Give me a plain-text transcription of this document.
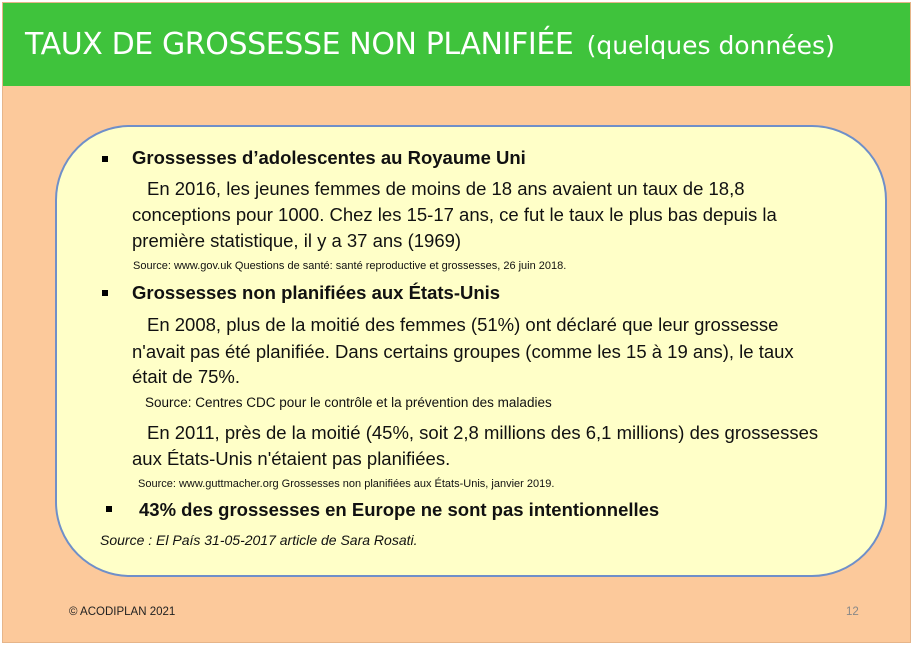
TAUX DE GROSSESSE NON PLANIFIÉE (quelques données)
Grossesses d’adolescentes au Royaume Uni
En 2016, les jeunes femmes de moins de 18 ans avaient un taux de 18,8
conceptions pour 1000. Chez les 15-17 ans, ce fut le taux le plus bas depuis la
première statistique, il y a 37 ans (1969)
Source: www.gov.uk Questions de santé: santé reproductive et grossesses, 26 juin 2018.
Grossesses non planifiées aux États-Unis
En 2008, plus de la moitié des femmes (51%) ont déclaré que leur grossesse
n'avait pas été planifiée. Dans certains groupes (comme les 15 à 19 ans), le taux
était de 75%.
Source: Centres CDC pour le contrôle et la prévention des maladies
En 2011, près de la moitié (45%, soit 2,8 millions des 6,1 millions) des grossesses
aux États-Unis n'étaient pas planifiées.
Source: www.guttmacher.org Grossesses non planifiées aux États-Unis, janvier 2019.
43% des grossesses en Europe ne sont pas intentionnelles
Source : El País 31-05-2017 article de Sara Rosati.
© ACODIPLAN 2021	12
